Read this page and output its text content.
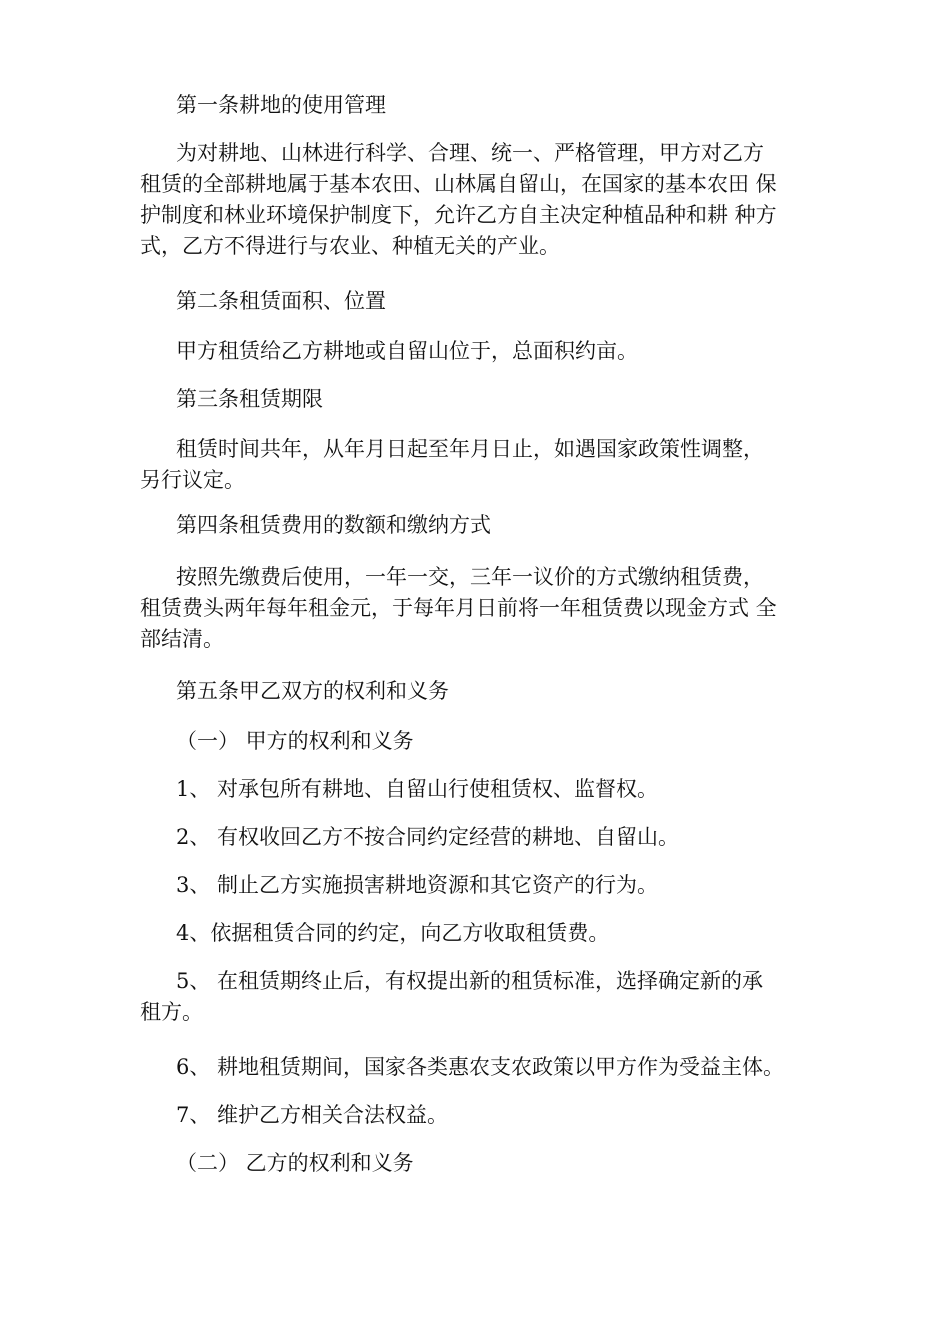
第一条耕地的使用管理
为对耕地、山林进行科学、合理、统一、严格管理，甲方对乙方
租赁的全部耕地属于基本农田、山林属自留山，在国家的基本农田 保
护制度和林业环境保护制度下，允许乙方自主决定种植品种和耕 种方
式，乙方不得进行与农业、种植无关的产业。
第二条租赁面积、位置
甲方租赁给乙方耕地或自留山位于，总面积约亩。
第三条租赁期限
租赁时间共年，从年月日起至年月日止，如遇国家政策性调整，
另行议定。
第四条租赁费用的数额和缴纳方式
按照先缴费后使用，一年一交，三年一议价的方式缴纳租赁费，
租赁费头两年每年租金元，于每年月日前将一年租赁费以现金方式 全
部结清。
第五条甲乙双方的权利和义务
（一） 甲方的权利和义务
1、 对承包所有耕地、自留山行使租赁权、监督权。
2、 有权收回乙方不按合同约定经营的耕地、自留山。
3、 制止乙方实施损害耕地资源和其它资产的行为。
4、依据租赁合同的约定，向乙方收取租赁费。
5、 在租赁期终止后，有权提出新的租赁标准，选择确定新的承
租方。
6、 耕地租赁期间，国家各类惠农支农政策以甲方作为受益主体。
7、 维护乙方相关合法权益。
（二） 乙方的权利和义务
